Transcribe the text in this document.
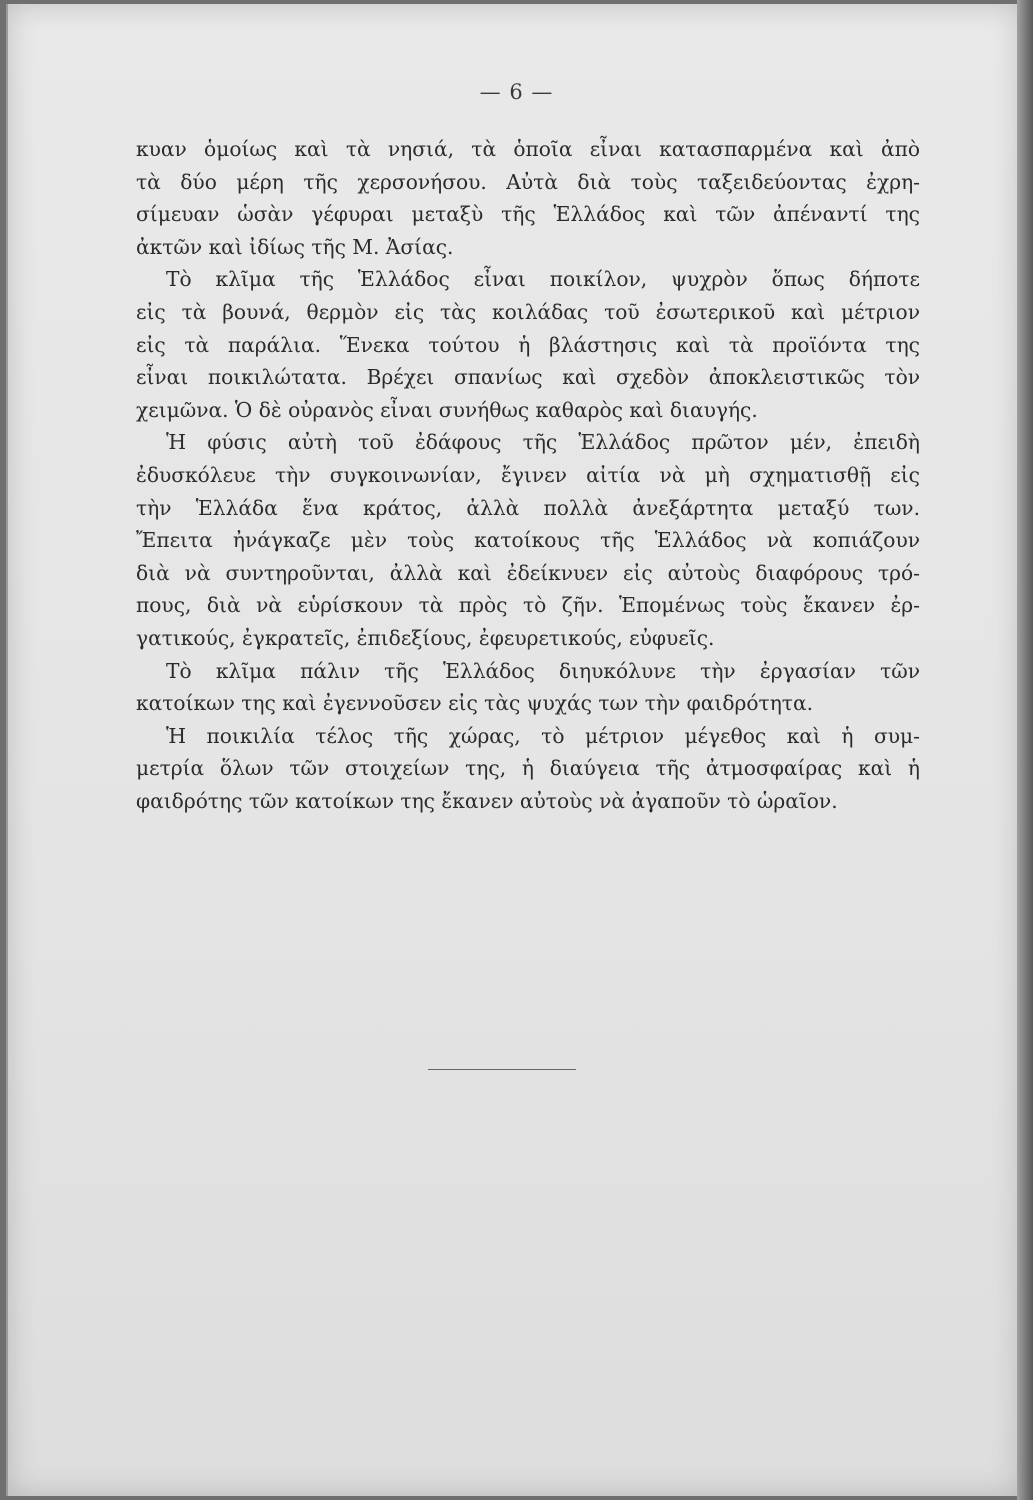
— 6 —
κυαν ὁμοίως καὶ τὰ νησιά, τὰ ὁποῖα εἶναι κατασπαρμένα καὶ ἀπὸ
τὰ δύο μέρη τῆς χερσονήσου. Αὐτὰ διὰ τοὺς ταξειδεύοντας ἐχρη-
σίμευαν ὡσὰν γέφυραι μεταξὺ τῆς Ἑλλάδος καὶ τῶν ἀπέναντί της
ἀκτῶν καὶ ἰδίως τῆς Μ. Ἀσίας.
Τὸ κλῖμα τῆς Ἑλλάδος εἶναι ποικίλον, ψυχρὸν ὅπως δήποτε
εἰς τὰ βουνά, θερμὸν εἰς τὰς κοιλάδας τοῦ ἐσωτερικοῦ καὶ μέτριον
εἰς τὰ παράλια. Ἕνεκα τούτου ἡ βλάστησις καὶ τὰ προϊόντα της
εἶναι ποικιλώτατα. Βρέχει σπανίως καὶ σχεδὸν ἀποκλειστικῶς τὸν
χειμῶνα. Ὁ δὲ οὐρανὸς εἶναι συνήθως καθαρὸς καὶ διαυγής.
Ἡ φύσις αὐτὴ τοῦ ἐδάφους τῆς Ἑλλάδος πρῶτον μέν, ἐπειδὴ
ἐδυσκόλευε τὴν συγκοινωνίαν, ἔγινεν αἰτία νὰ μὴ σχηματισθῇ εἰς
τὴν Ἑλλάδα ἕνα κράτος, ἀλλὰ πολλὰ ἀνεξάρτητα μεταξύ των.
Ἔπειτα ἠνάγκαζε μὲν τοὺς κατοίκους τῆς Ἑλλάδος νὰ κοπιάζουν
διὰ νὰ συντηροῦνται, ἀλλὰ καὶ ἐδείκνυεν εἰς αὐτοὺς διαφόρους τρό-
πους, διὰ νὰ εὑρίσκουν τὰ πρὸς τὸ ζῆν. Ἑπομένως τοὺς ἔκανεν ἐρ-
γατικούς, ἐγκρατεῖς, ἐπιδεξίους, ἐφευρετικούς, εὐφυεῖς.
Τὸ κλῖμα πάλιν τῆς Ἑλλάδος διηυκόλυνε τὴν ἐργασίαν τῶν
κατοίκων της καὶ ἐγεννοῦσεν εἰς τὰς ψυχάς των τὴν φαιδρότητα.
Ἡ ποικιλία τέλος τῆς χώρας, τὸ μέτριον μέγεθος καὶ ἡ συμ-
μετρία ὅλων τῶν στοιχείων της, ἡ διαύγεια τῆς ἀτμοσφαίρας καὶ ἡ
φαιδρότης τῶν κατοίκων της ἔκανεν αὐτοὺς νὰ ἀγαποῦν τὸ ὡραῖον.
